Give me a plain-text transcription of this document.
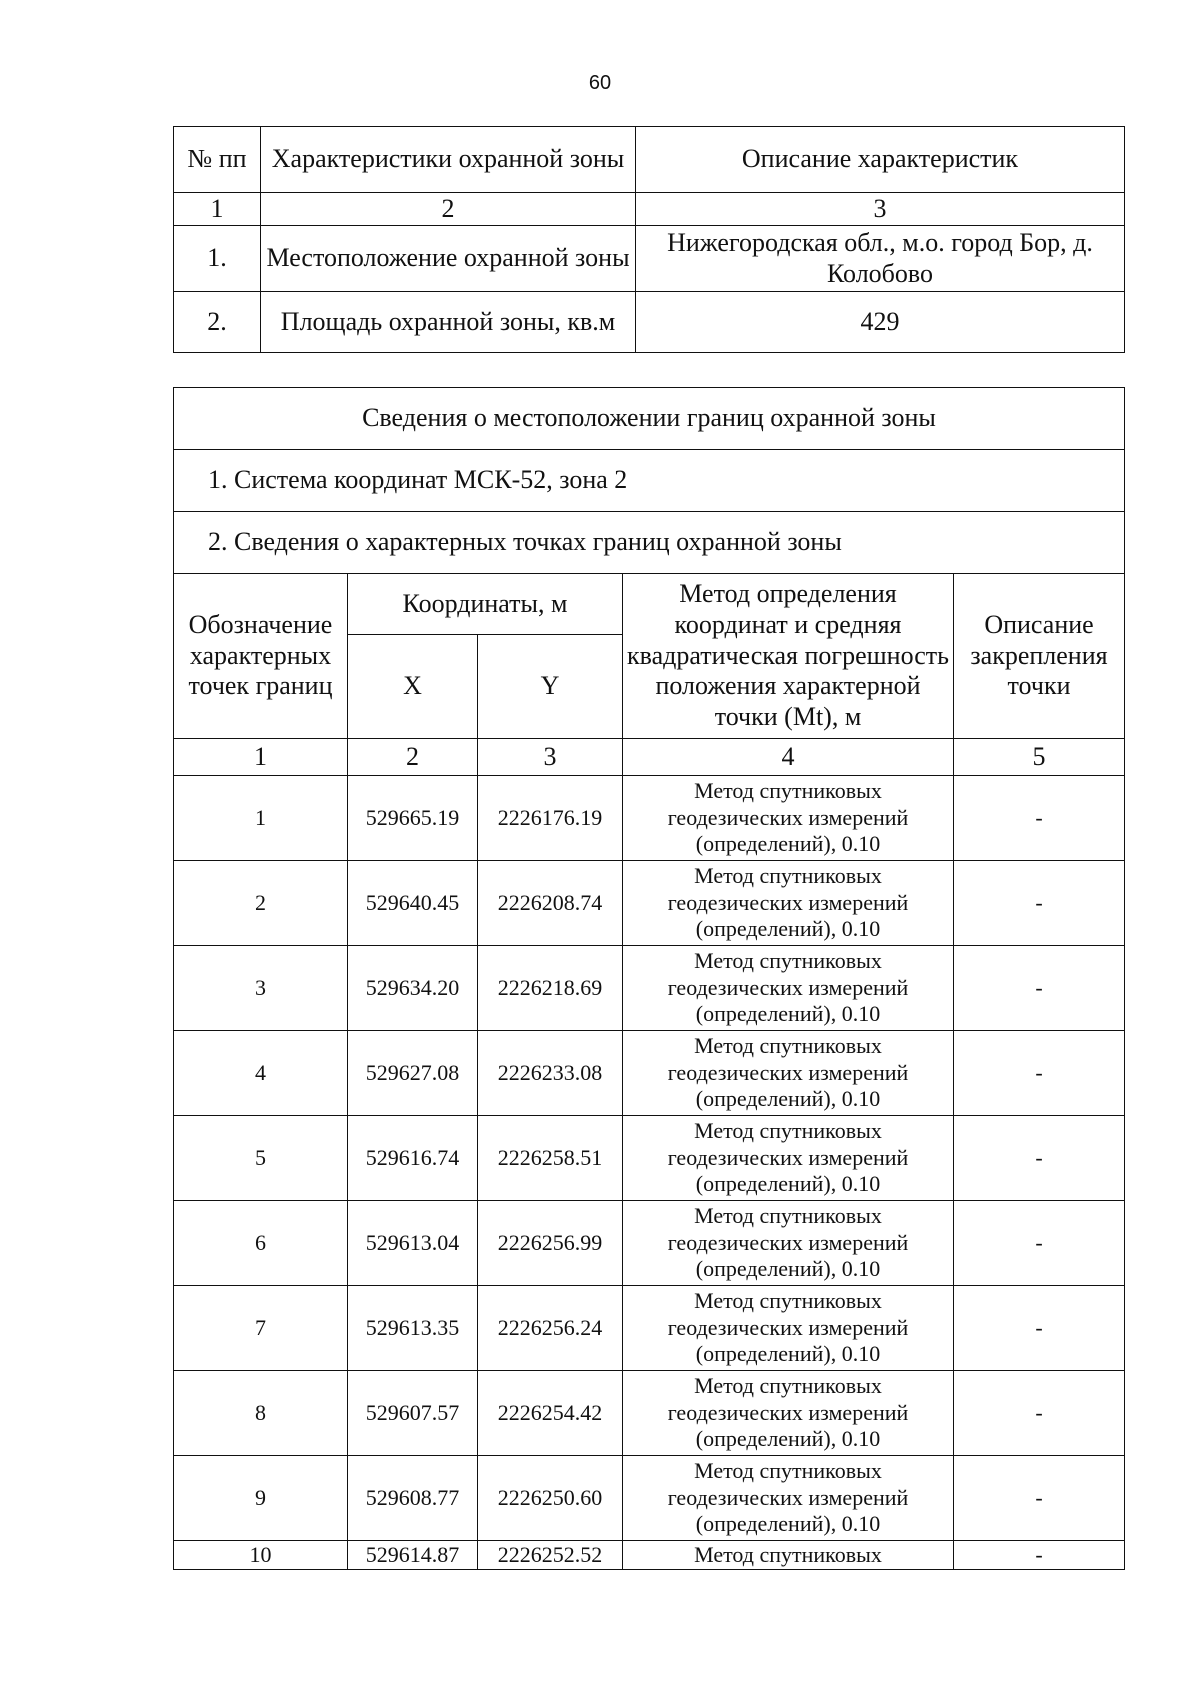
60
№ пп	Характеристики охранной зоны	Описание характеристик
1	2	3
1.	Местоположение охранной зоны	Нижегородская обл., м.о. город Бор, д. Колобово
2.	Площадь охранной зоны, кв.м	429
Сведения о местоположении границ охранной зоны				
1. Система координат МСК-52, зона 2				
2. Сведения о характерных точках границ охранной зоны				
Обозначение характерных точек границ	Координаты, м		Метод определения координат и средняя квадратическая погрешность положения характерной точки (Mt), м	Описание закрепления точки
	X	Y		
1	2	3	4	5
1	529665.19	2226176.19	Метод спутниковых геодезических измерений (определений), 0.10	-
2	529640.45	2226208.74	Метод спутниковых геодезических измерений (определений), 0.10	-
3	529634.20	2226218.69	Метод спутниковых геодезических измерений (определений), 0.10	-
4	529627.08	2226233.08	Метод спутниковых геодезических измерений (определений), 0.10	-
5	529616.74	2226258.51	Метод спутниковых геодезических измерений (определений), 0.10	-
6	529613.04	2226256.99	Метод спутниковых геодезических измерений (определений), 0.10	-
7	529613.35	2226256.24	Метод спутниковых геодезических измерений (определений), 0.10	-
8	529607.57	2226254.42	Метод спутниковых геодезических измерений (определений), 0.10	-
9	529608.77	2226250.60	Метод спутниковых геодезических измерений (определений), 0.10	-
10	529614.87	2226252.52	Метод спутниковых	-
